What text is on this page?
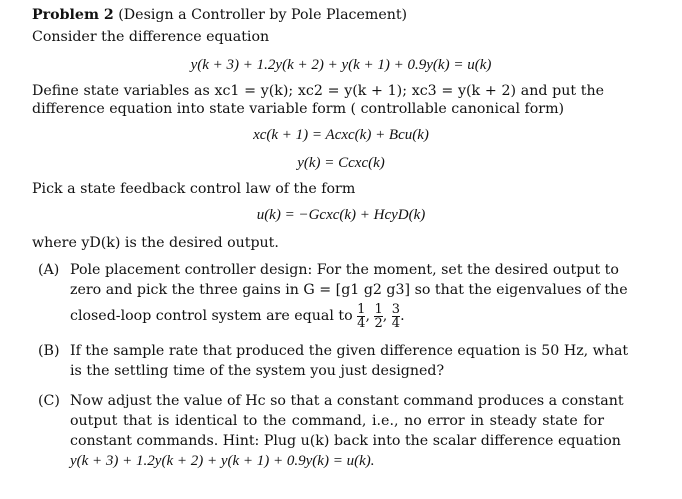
Problem 2 (Design a Controller by Pole Placement)
Consider the difference equation
y(k + 3) + 1.2y(k + 2) + y(k + 1) + 0.9y(k) = u(k)
Define state variables as xc1 = y(k); xc2 = y(k + 1); xc3 = y(k + 2) and put the
difference equation into state variable form ( controllable canonical form)
xc(k + 1) = Acxc(k) + Bcu(k)
y(k) = Ccxc(k)
Pick a state feedback control law of the form
u(k) = −Gcxc(k) + HcyD(k)
where yD(k) is the desired output.
(A) Pole placement controller design: For the moment, set the desired output to
zero and pick the three gains in G = [g1 g2 g3] so that the eigenvalues of the
closed-loop control system are equal to $\frac{1}{4}$ , $\frac{1}{2}$ , $\frac{3}{4}$ .
(B) If the sample rate that produced the given difference equation is 50 Hz, what
is the settling time of the system you just designed?
(C) Now adjust the value of Hc so that a constant command produces a constant
output that is identical to the command, i.e., no error in steady state for
constant commands. Hint: Plug u(k) back into the scalar difference equation
y(k + 3) + 1.2y(k + 2) + y(k + 1) + 0.9y(k) = u(k).
